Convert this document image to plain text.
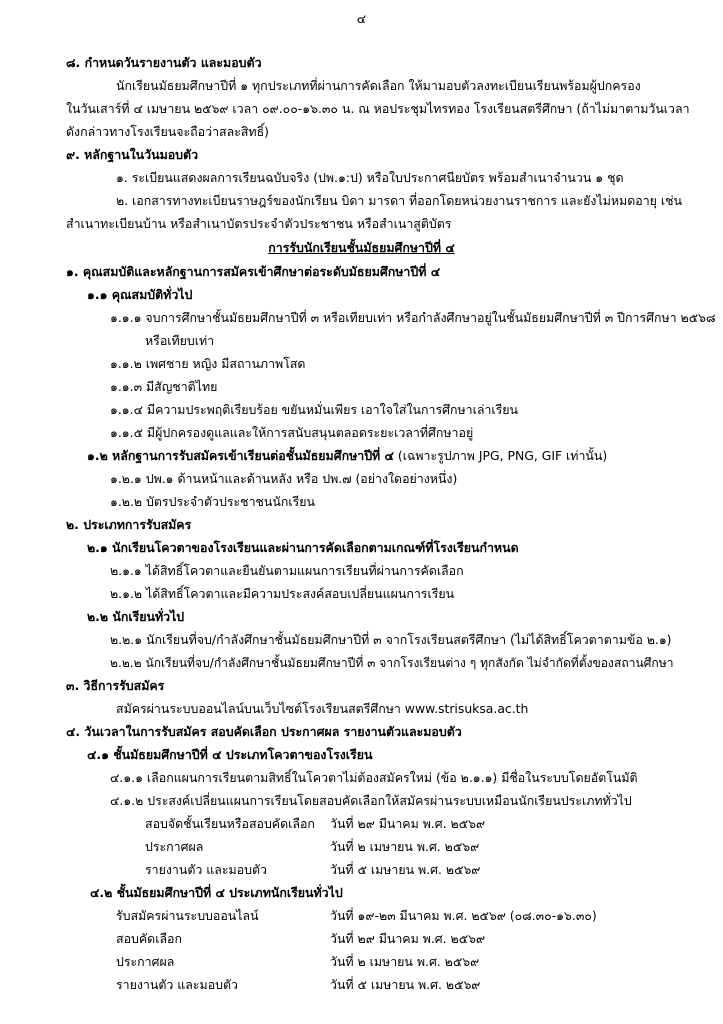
๔
๘. กำหนดวันรายงานตัว และมอบตัว
นักเรียนมัธยมศึกษาปีที่ ๑ ทุกประเภทที่ผ่านการคัดเลือก ให้มามอบตัวลงทะเบียนเรียนพร้อมผู้ปกครอง
ในวันเสาร์ที่ ๔ เมษายน ๒๕๖๙ เวลา ๐๙.๐๐-๑๖.๓๐ น. ณ หอประชุมไทรทอง โรงเรียนสตรีศึกษา (ถ้าไม่มาตามวันเวลา
ดังกล่าวทางโรงเรียนจะถือว่าสละสิทธิ์)
๙. หลักฐานในวันมอบตัว
๑. ระเบียนแสดงผลการเรียนฉบับจริง (ปพ.๑:ป) หรือใบประกาศนียบัตร พร้อมสำเนาจำนวน ๑ ชุด
๒. เอกสารทางทะเบียนราษฎร์ของนักเรียน บิดา มารดา ที่ออกโดยหน่วยงานราชการ และยังไม่หมดอายุ เช่น
สำเนาทะเบียนบ้าน หรือสำเนาบัตรประจำตัวประชาชน หรือสำเนาสูติบัตร
การรับนักเรียนชั้นมัธยมศึกษาปีที่ ๔
๑. คุณสมบัติและหลักฐานการสมัครเข้าศึกษาต่อระดับมัธยมศึกษาปีที่ ๔
๑.๑ คุณสมบัติทั่วไป
๑.๑.๑ จบการศึกษาชั้นมัธยมศึกษาปีที่ ๓ หรือเทียบเท่า หรือกำลังศึกษาอยู่ในชั้นมัธยมศึกษาปีที่ ๓ ปีการศึกษา ๒๕๖๘
หรือเทียบเท่า
๑.๑.๒ เพศชาย หญิง มีสถานภาพโสด
๑.๑.๓ มีสัญชาติไทย
๑.๑.๔ มีความประพฤติเรียบร้อย ขยันหมั่นเพียร เอาใจใส่ในการศึกษาเล่าเรียน
๑.๑.๕ มีผู้ปกครองดูแลและให้การสนับสนุนตลอดระยะเวลาที่ศึกษาอยู่
๑.๒ หลักฐานการรับสมัครเข้าเรียนต่อชั้นมัธยมศึกษาปีที่ ๔ (เฉพาะรูปภาพ JPG, PNG, GIF เท่านั้น)
๑.๒.๑ ปพ.๑ ด้านหน้าและด้านหลัง หรือ ปพ.๗ (อย่างใดอย่างหนึ่ง)
๑.๒.๒ บัตรประจำตัวประชาชนนักเรียน
๒. ประเภทการรับสมัคร
๒.๑ นักเรียนโควตาของโรงเรียนและผ่านการคัดเลือกตามเกณฑ์ที่โรงเรียนกำหนด
๒.๑.๑ ได้สิทธิ์โควตาและยืนยันตามแผนการเรียนที่ผ่านการคัดเลือก
๒.๑.๒ ได้สิทธิ์โควตาและมีความประสงค์สอบเปลี่ยนแผนการเรียน
๒.๒ นักเรียนทั่วไป
๒.๒.๑ นักเรียนที่จบ/กำลังศึกษาชั้นมัธยมศึกษาปีที่ ๓ จากโรงเรียนสตรีศึกษา (ไม่ได้สิทธิ์โควตาตามข้อ ๒.๑)
๒.๒.๒ นักเรียนที่จบ/กำลังศึกษาชั้นมัธยมศึกษาปีที่ ๓ จากโรงเรียนต่าง ๆ ทุกสังกัด ไม่จำกัดที่ตั้งของสถานศึกษา
๓. วิธีการรับสมัคร
สมัครผ่านระบบออนไลน์บนเว็บไซต์โรงเรียนสตรีศึกษา www.strisuksa.ac.th
๔. วันเวลาในการรับสมัคร สอบคัดเลือก ประกาศผล รายงานตัวและมอบตัว
๔.๑ ชั้นมัธยมศึกษาปีที่ ๔ ประเภทโควตาของโรงเรียน
๔.๑.๑ เลือกแผนการเรียนตามสิทธิ์ในโควตาไม่ต้องสมัครใหม่ (ข้อ ๒.๑.๑) มีชื่อในระบบโดยอัตโนมัติ
๔.๑.๒ ประสงค์เปลี่ยนแผนการเรียนโดยสอบคัดเลือกให้สมัครผ่านระบบเหมือนนักเรียนประเภททั่วไป
สอบจัดชั้นเรียนหรือสอบคัดเลือก วันที่ ๒๙ มีนาคม พ.ศ. ๒๕๖๙
ประกาศผล	วันที่ ๒ เมษายน พ.ศ. ๒๕๖๙
รายงานตัว และมอบตัว	วันที่ ๕ เมษายน พ.ศ. ๒๕๖๙
๔.๒ ชั้นมัธยมศึกษาปีที่ ๔ ประเภทนักเรียนทั่วไป
รับสมัครผ่านระบบออนไลน์	วันที่ ๑๙-๒๓ มีนาคม พ.ศ. ๒๕๖๙ (๐๘.๓๐-๑๖.๓๐)
สอบคัดเลือก	วันที่ ๒๙ มีนาคม พ.ศ. ๒๕๖๙
ประกาศผล	วันที่ ๒ เมษายน พ.ศ. ๒๕๖๙
รายงานตัว และมอบตัว	วันที่ ๕ เมษายน พ.ศ. ๒๕๖๙
